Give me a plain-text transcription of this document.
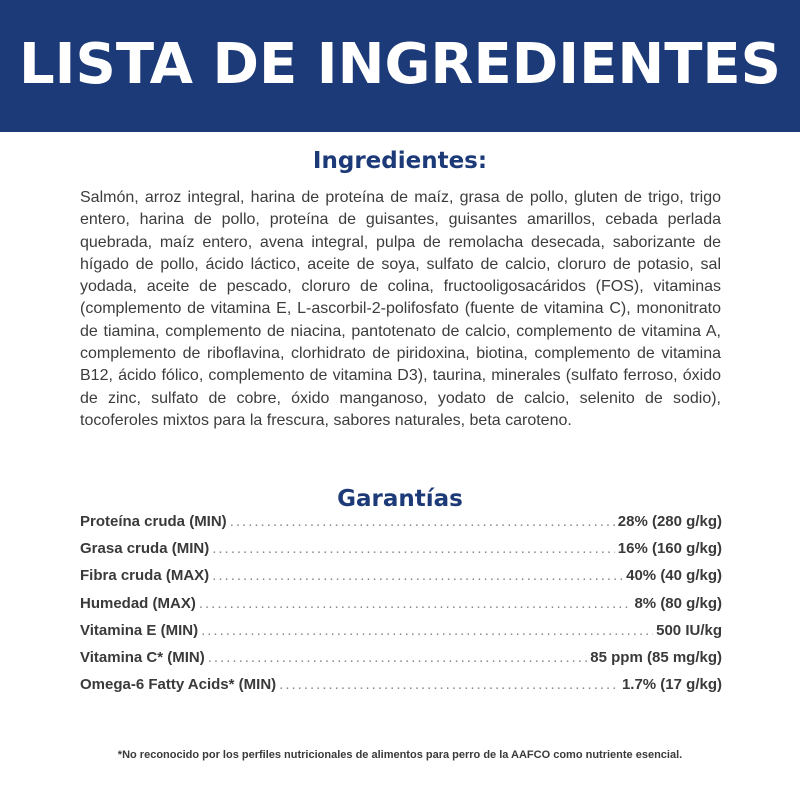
LISTA DE INGREDIENTES
Ingredientes:

Salmón, arroz integral, harina de proteína de maíz, grasa de pollo, gluten de trigo, trigo entero, harina de pollo, proteína de guisantes, guisantes amarillos, cebada perlada quebrada, maíz entero, avena integral, pulpa de remolacha desecada, saborizante de hígado de pollo, ácido láctico, aceite de soya, sulfato de calcio, cloruro de potasio, sal yodada, aceite de pescado, cloruro de colina, fructooligosacáridos (FOS), vitaminas (complemento de vitamina E, L-ascorbil-2-polifosfato (fuente de vitamina C), mononitrato de tiamina, complemento de niacina, pantotenato de calcio, complemento de vitamina A, complemento de riboflavina, clorhidrato de piridoxina, biotina, complemento de vitamina B12, ácido fólico, complemento de vitamina D3), taurina, minerales (sulfato ferroso, óxido de zinc, sulfato de cobre, óxido manganoso, yodato de calcio, selenito de sodio), tocoferoles mixtos para la frescura, sabores naturales, beta caroteno.

Garantías
Proteína cruda (MIN) .....	28% (280 g/kg)
Grasa cruda (MIN) .....	16% (160 g/kg)
Fibra cruda (MAX) .....	40% (40 g/kg)
Humedad (MAX) .....	8% (80 g/kg)
Vitamina E (MIN) .....	500 IU/kg
Vitamina C* (MIN) .....	85 ppm (85 mg/kg)
Omega-6 Fatty Acids* (MIN) .....	1.7% (17 g/kg)

*No reconocido por los perfiles nutricionales de alimentos para perro de la AAFCO como nutriente esencial.
